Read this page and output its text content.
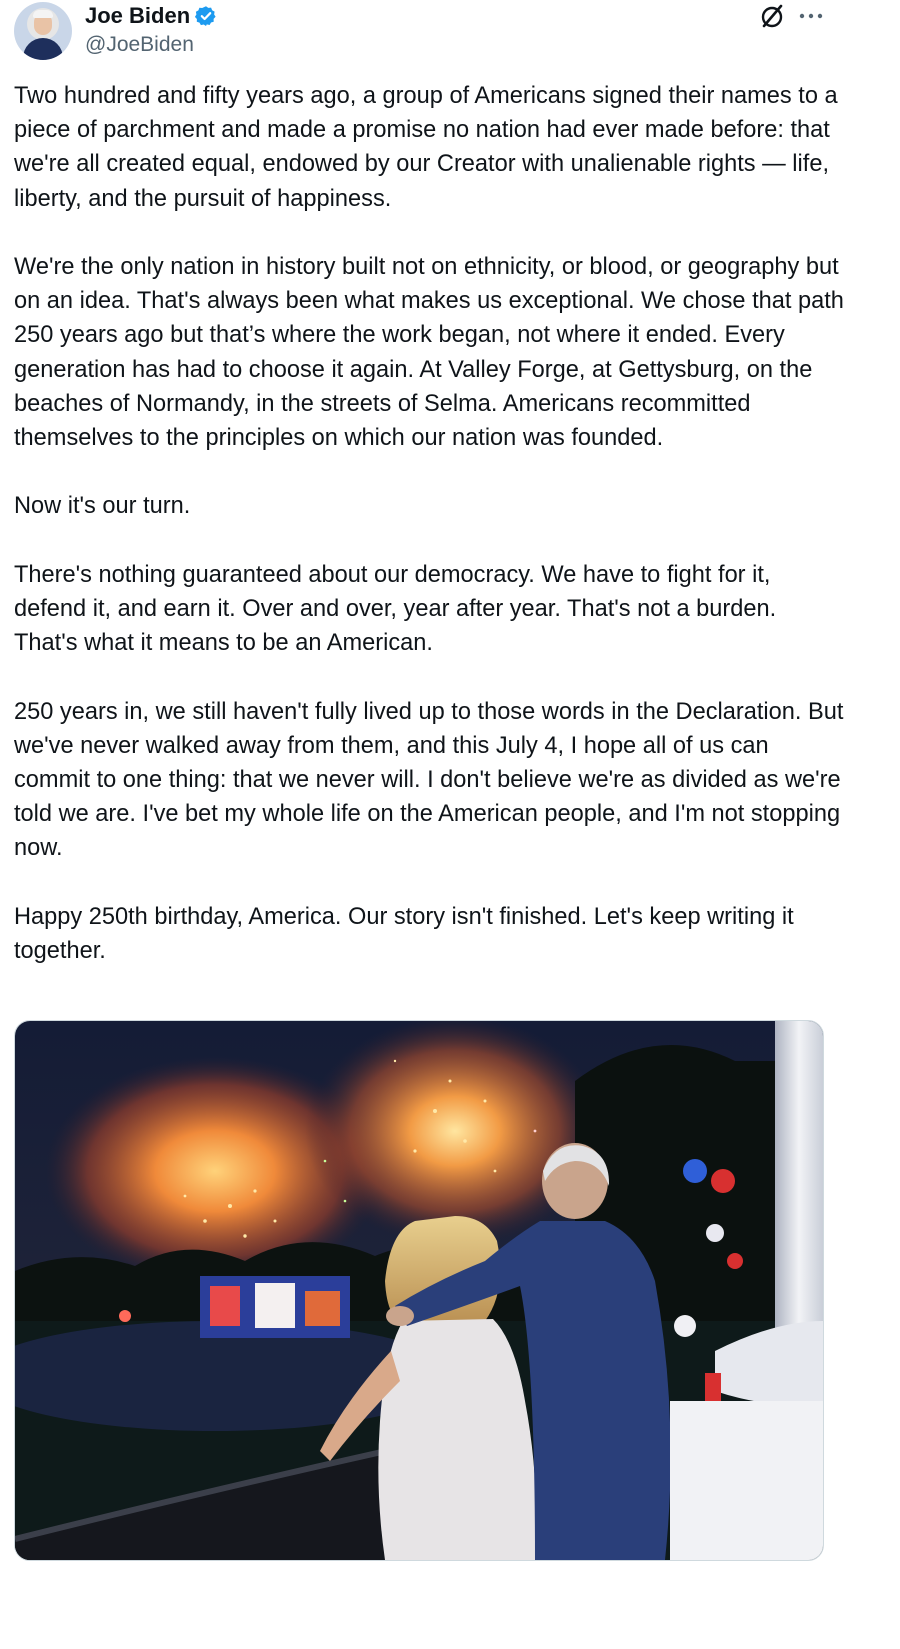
Joe Biden
@JoeBiden

Two hundred and fifty years ago, a group of Americans signed their names to a piece of parchment and made a promise no nation had ever made before: that we're all created equal, endowed by our Creator with unalienable rights — life, liberty, and the pursuit of happiness.

We're the only nation in history built not on ethnicity, or blood, or geography but on an idea. That's always been what makes us exceptional. We chose that path 250 years ago but that’s where the work began, not where it ended. Every generation has had to choose it again. At Valley Forge, at Gettysburg, on the beaches of Normandy, in the streets of Selma. Americans recommitted themselves to the principles on which our nation was founded.

Now it's our turn.

There's nothing guaranteed about our democracy. We have to fight for it, defend it, and earn it. Over and over, year after year. That's not a burden. That's what it means to be an American.

250 years in, we still haven't fully lived up to those words in the Declaration. But we've never walked away from them, and this July 4, I hope all of us can commit to one thing: that we never will. I don't believe we're as divided as we're told we are. I've bet my whole life on the American people, and I'm not stopping now.

Happy 250th birthday, America. Our story isn't finished. Let's keep writing it together.
